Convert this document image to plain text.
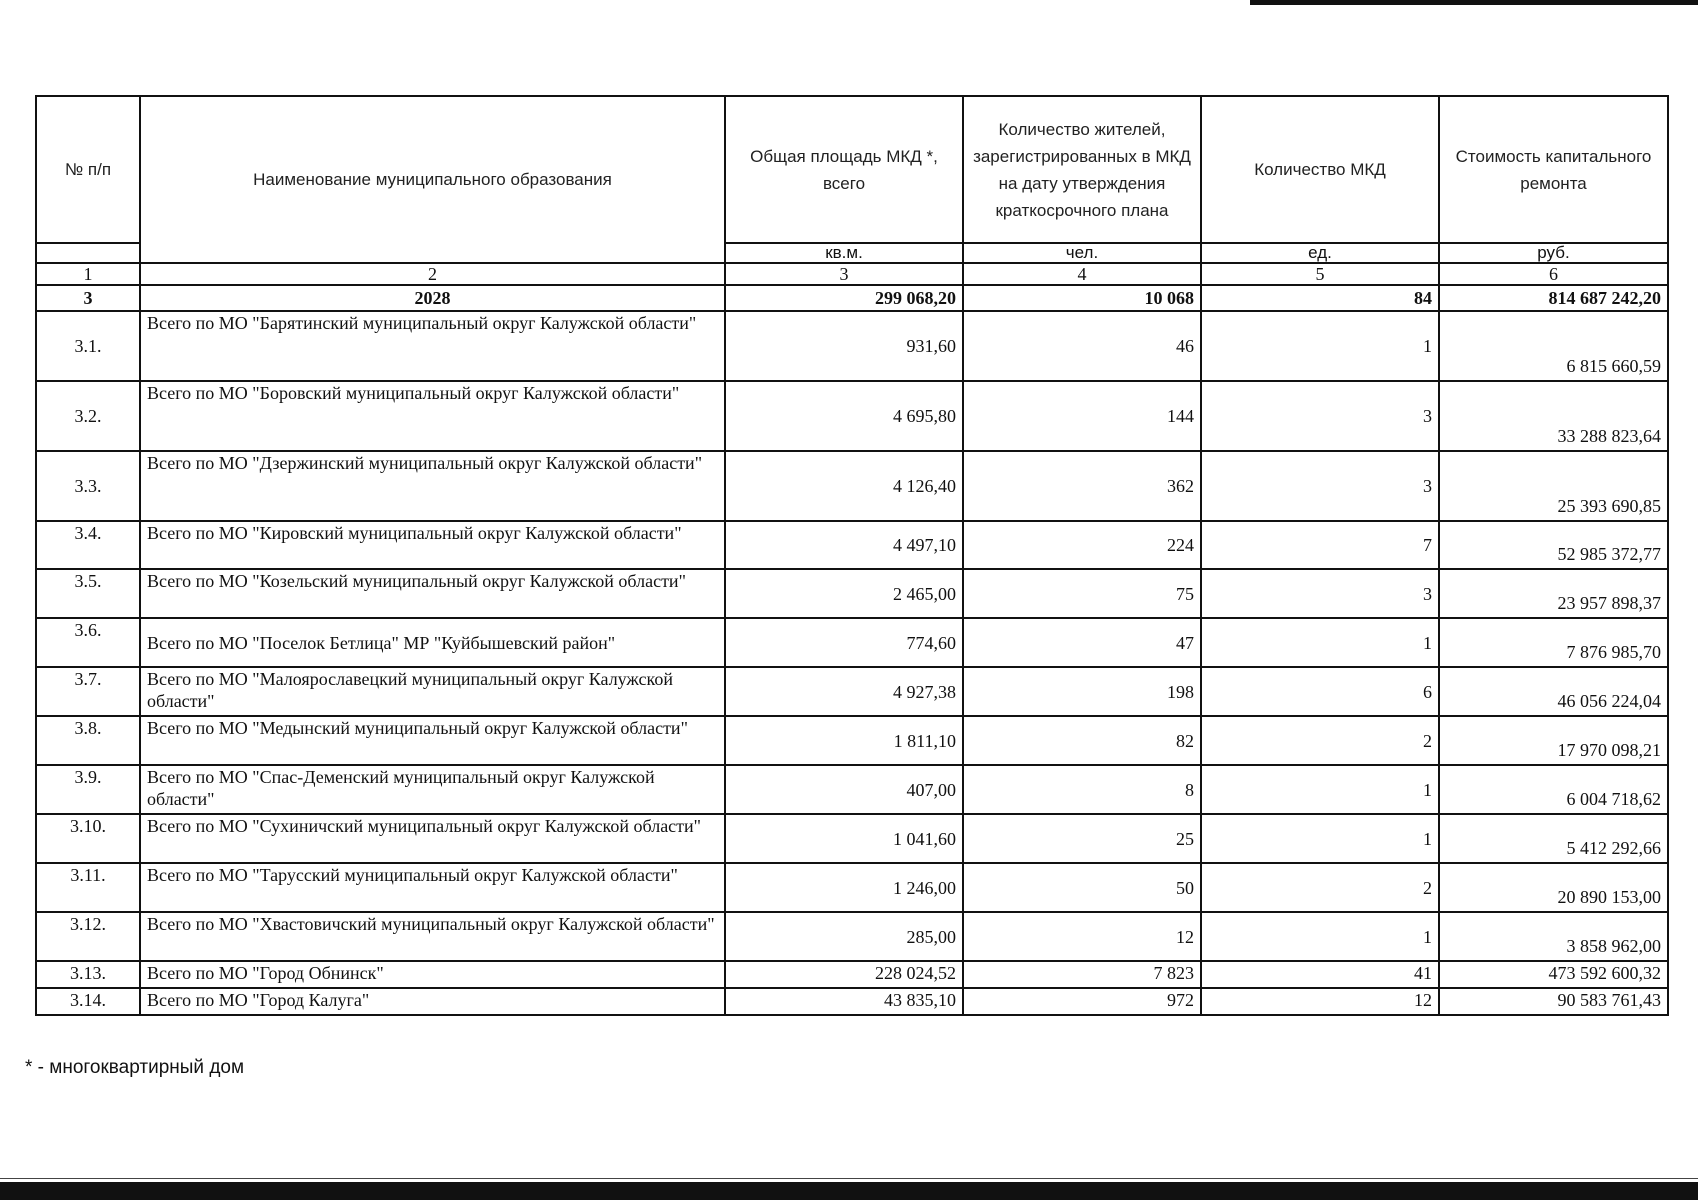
№ п/п	Наименование муниципального образования	Общая площадь МКД *, всего	Количество жителей, зарегистрированных в МКД на дату утверждения краткосрочного плана	Количество МКД	Стоимость капитального ремонта
		кв.м.	чел.	ед.	руб.
1	2	3	4	5	6
3	2028	299 068,20	10 068	84	814 687 242,20
3.1.	Всего по МО "Барятинский муниципальный округ Калужской области"	931,60	46	1	6 815 660,59
3.2.	Всего по МО "Боровский муниципальный округ Калужской области"	4 695,80	144	3	33 288 823,64
3.3.	Всего по МО "Дзержинский муниципальный округ Калужской области"	4 126,40	362	3	25 393 690,85
3.4.	Всего по МО "Кировский муниципальный округ Калужской области"	4 497,10	224	7	52 985 372,77
3.5.	Всего по МО "Козельский муниципальный округ Калужской области"	2 465,00	75	3	23 957 898,37
3.6.	Всего по МО "Поселок Бетлица" МР "Куйбышевский район"	774,60	47	1	7 876 985,70
3.7.	Всего по МО "Малоярославецкий муниципальный округ Калужской области"	4 927,38	198	6	46 056 224,04
3.8.	Всего по МО "Медынский муниципальный округ Калужской области"	1 811,10	82	2	17 970 098,21
3.9.	Всего по МО "Спас-Деменский муниципальный округ Калужской области"	407,00	8	1	6 004 718,62
3.10.	Всего по МО "Сухиничский муниципальный округ Калужской области"	1 041,60	25	1	5 412 292,66
3.11.	Всего по МО "Тарусский муниципальный округ Калужской области"	1 246,00	50	2	20 890 153,00
3.12.	Всего по МО "Хвастовичский муниципальный округ Калужской области"	285,00	12	1	3 858 962,00
3.13.	Всего по МО "Город Обнинск"	228 024,52	7 823	41	473 592 600,32
3.14.	Всего по МО "Город Калуга"	43 835,10	972	12	90 583 761,43
* - многоквартирный дом
